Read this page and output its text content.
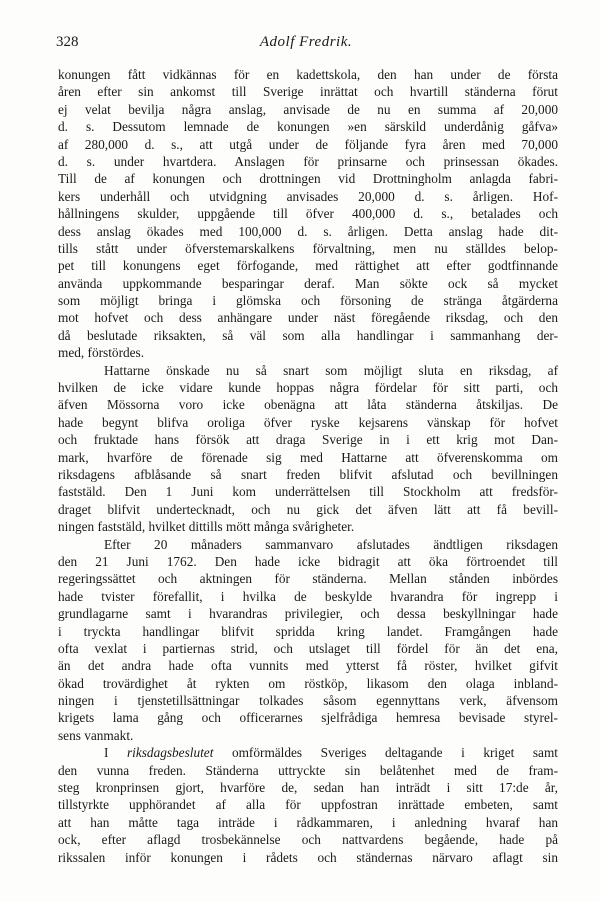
328	Adolf Fredrik.
konungen fått vidkännas för en kadettskola, den han under de första
åren efter sin ankomst till Sverige inrättat och hvartill ständerna förut
ej velat bevilja några anslag, anvisade de nu en summa af 20,000
d. s. Dessutom lemnade de konungen »en särskild underdånig gåfva»
af 280,000 d. s., att utgå under de följande fyra åren med 70,000
d. s. under hvartdera. Anslagen för prinsarne och prinsessan ökades.
Till de af konungen och drottningen vid Drottningholm anlagda fabri-
kers underhåll och utvidgning anvisades 20,000 d. s. årligen. Hof-
hållningens skulder, uppgående till öfver 400,000 d. s., betalades och
dess anslag ökades med 100,000 d. s. årligen. Detta anslag hade dit-
tills stått under öfverstemarskalkens förvaltning, men nu ställdes belop-
pet till konungens eget förfogande, med rättighet att efter godtfinnande
använda uppkommande besparingar deraf. Man sökte ock så mycket
som möjligt bringa i glömska och försoning de stränga åtgärderna
mot hofvet och dess anhängare under näst föregående riksdag, och den
då beslutade riksakten, så väl som alla handlingar i sammanhang der-
med, förstördes.
Hattarne önskade nu så snart som möjligt sluta en riksdag, af
hvilken de icke vidare kunde hoppas några fördelar för sitt parti, och
äfven Mössorna voro icke obenägna att låta ständerna åtskiljas. De
hade begynt blifva oroliga öfver ryske kejsarens vänskap för hofvet
och fruktade hans försök att draga Sverige in i ett krig mot Dan-
mark, hvarföre de förenade sig med Hattarne att öfverenskomma om
riksdagens afblåsande så snart freden blifvit afslutad och bevillningen
faststäld. Den 1 Juni kom underrättelsen till Stockholm att fredsför-
draget blifvit undertecknadt, och nu gick det äfven lätt att få bevill-
ningen faststäld, hvilket dittills mött många svårigheter.
Efter 20 månaders sammanvaro afslutades ändtligen riksdagen
den 21 Juni 1762. Den hade icke bidragit att öka förtroendet till
regeringssättet och aktningen för ständerna. Mellan stånden inbördes
hade tvister förefallit, i hvilka de beskylde hvarandra för ingrepp i
grundlagarne samt i hvarandras privilegier, och dessa beskyllningar hade
i tryckta handlingar blifvit spridda kring landet. Framgången hade
ofta vexlat i partiernas strid, och utslaget till fördel för än det ena,
än det andra hade ofta vunnits med ytterst få röster, hvilket gifvit
ökad trovärdighet åt rykten om röstköp, likasom den olaga inbland-
ningen i tjenstetillsättningar tolkades såsom egennyttans verk, äfvensom
krigets lama gång och officerarnes sjelfrådiga hemresa bevisade styrel-
sens vanmakt.
I riksdagsbeslutet omförmäldes Sveriges deltagande i kriget samt
den vunna freden. Ständerna uttryckte sin belåtenhet med de fram-
steg kronprinsen gjort, hvarföre de, sedan han inträdt i sitt 17:de år,
tillstyrkte upphörandet af alla för uppfostran inrättade embeten, samt
att han måtte taga inträde i rådkammaren, i anledning hvaraf han
ock, efter aflagd trosbekännelse och nattvardens begående, hade på
rikssalen inför konungen i rådets och ständernas närvaro aflagt sin
